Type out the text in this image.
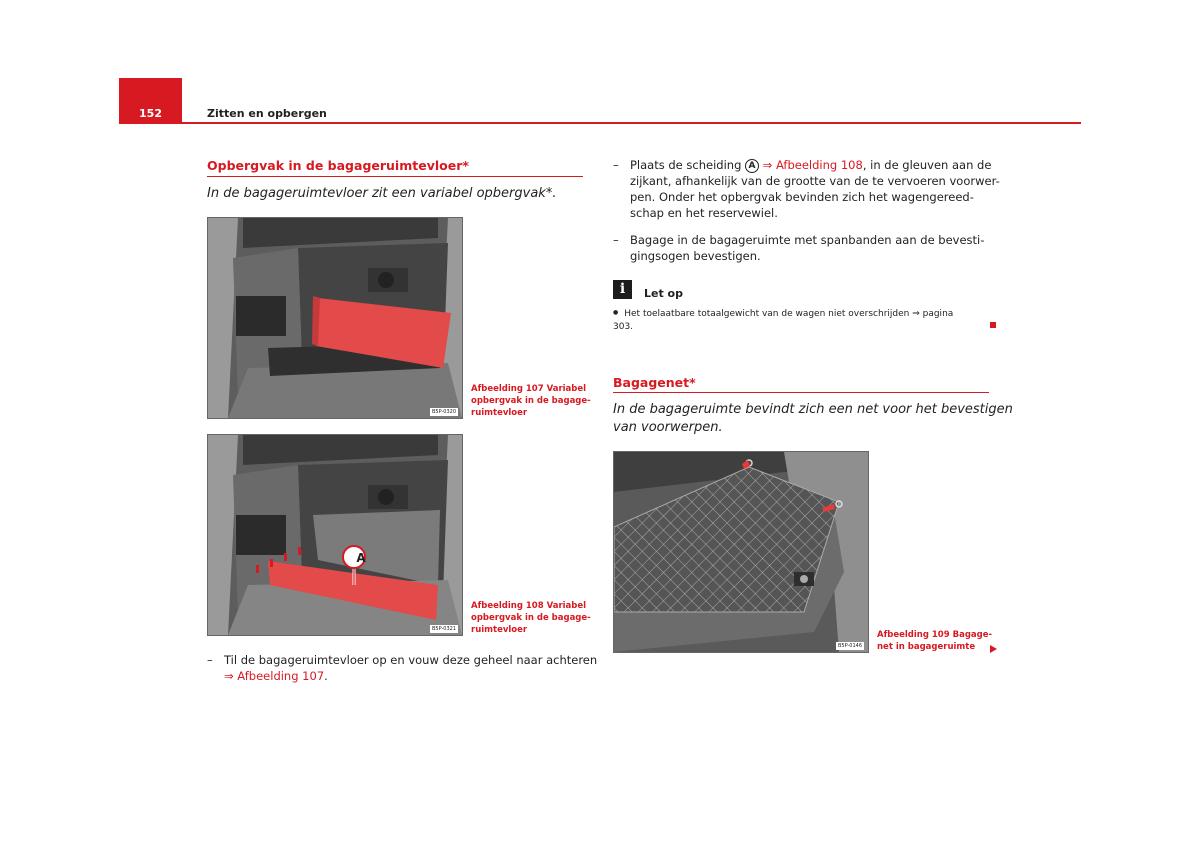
152	Zitten en opbergen
Opbergvak in de bagageruimtevloer*
In de bagageruimtevloer zit een variabel opbergvak*.
B5P-0320
Afbeelding 107 Variabel
opbergvak in de bagage-
ruimtevloer
A
B5P-0321
Afbeelding 108 Variabel
opbergvak in de bagage-
ruimtevloer
– Til de bagageruimtevloer op en vouw deze geheel naar achteren
⇒ Afbeelding 107.
– Plaats de scheiding A ⇒ Afbeelding 108, in de gleuven aan de
zijkant, afhankelijk van de grootte van de te vervoeren voorwer-
pen. Onder het opbergvak bevinden zich het wagengereed-
schap en het reservewiel.
– Bagage in de bagageruimte met spanbanden aan de bevesti-
gingsogen bevestigen.
i	Let op
● Het toelaatbare totaalgewicht van de wagen niet overschrijden ⇒ pagina
303.
Bagagenet*
In de bagageruimte bevindt zich een net voor het bevestigen
van voorwerpen.
B5P-0146
Afbeelding 109 Bagage-
net in bagageruimte
